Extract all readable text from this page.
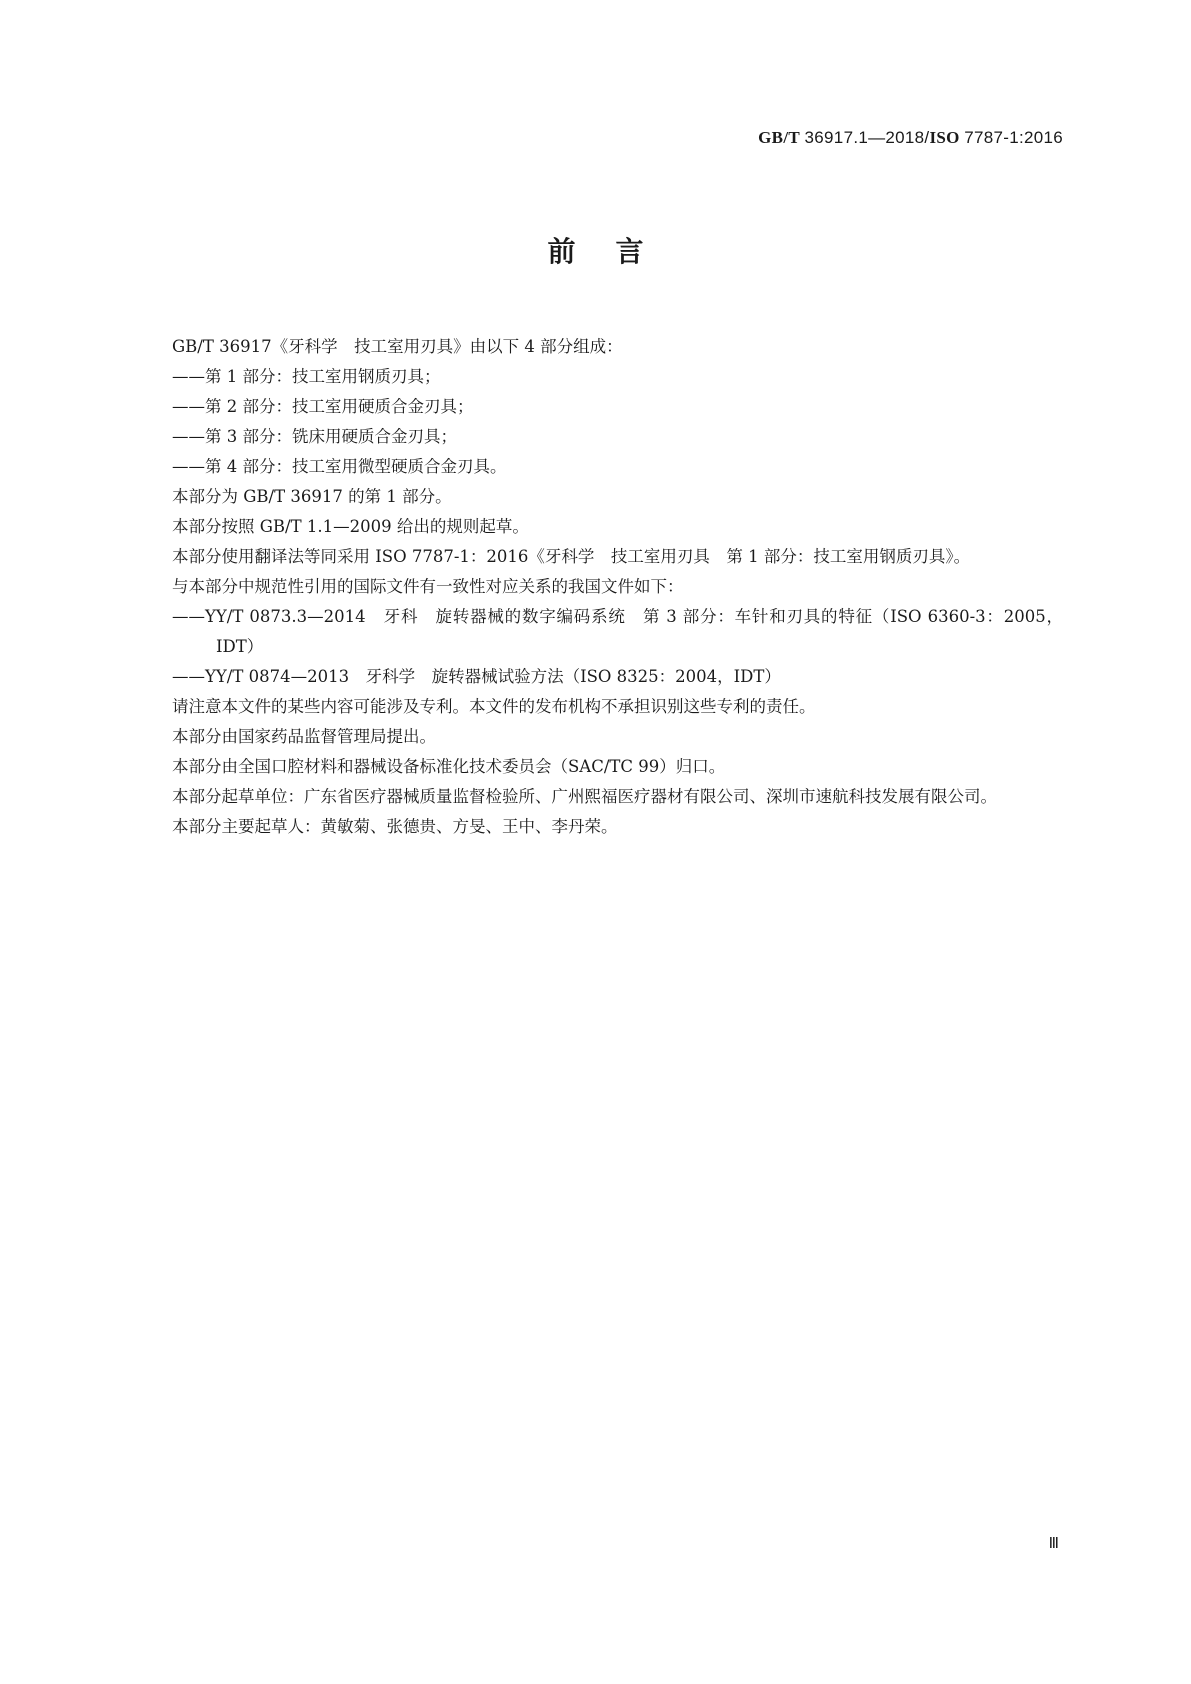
GB/T 36917.1—2018/ISO 7787-1:2016
前言

GB/T 36917《牙科学　技工室用刃具》由以下 4 部分组成：

——第 1 部分：技工室用钢质刃具；

——第 2 部分：技工室用硬质合金刃具；

——第 3 部分：铣床用硬质合金刃具；

——第 4 部分：技工室用微型硬质合金刃具。

本部分为 GB/T 36917 的第 1 部分。

本部分按照 GB/T 1.1—2009 给出的规则起草。

本部分使用翻译法等同采用 ISO 7787-1：2016《牙科学　技工室用刃具　第 1 部分：技工室用钢质刃具》。

与本部分中规范性引用的国际文件有一致性对应关系的我国文件如下：

——YY/T 0873.3—2014　牙科　旋转器械的数字编码系统　第 3 部分：车针和刃具的特征（ISO 6360-3：2005，IDT）

——YY/T 0874—2013　牙科学　旋转器械试验方法（ISO 8325：2004，IDT）

请注意本文件的某些内容可能涉及专利。本文件的发布机构不承担识别这些专利的责任。

本部分由国家药品监督管理局提出。

本部分由全国口腔材料和器械设备标准化技术委员会（SAC/TC 99）归口。

本部分起草单位：广东省医疗器械质量监督检验所、广州熙福医疗器材有限公司、深圳市速航科技发展有限公司。

本部分主要起草人：黄敏菊、张德贵、方旻、王中、李丹荣。

Ⅲ
